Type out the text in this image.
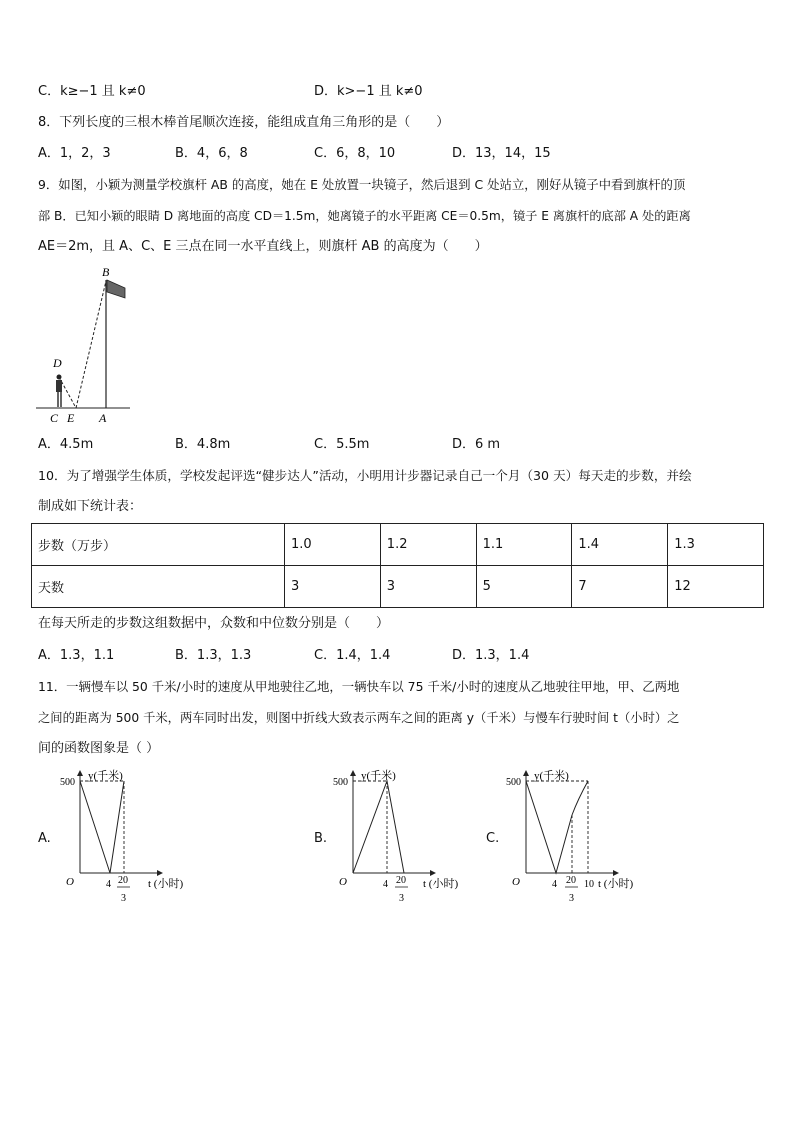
C．k≥−1 且 k≠0	D．k>−1 且 k≠0
8．下列长度的三根木棒首尾顺次连接，能组成直角三角形的是（　　）
A．1，2，3	B．4，6，8	C．6，8，10	D．13，14，15
9．如图，小颖为测量学校旗杆 AB 的高度，她在 E 处放置一块镜子，然后退到 C 处站立，刚好从镜子中看到旗杆的顶
部 B．已知小颖的眼睛 D 离地面的高度 CD＝1.5m，她离镜子的水平距离 CE＝0.5m，镜子 E 离旗杆的底部 A 处的距离
AE＝2m，且 A、C、E 三点在同一水平直线上，则旗杆 AB 的高度为（　　）
B
D
C E A
A．4.5m	B．4.8m	C．5.5m	D．6 m
10．为了增强学生体质，学校发起评选“健步达人”活动，小明用计步器记录自己一个月（30 天）每天走的步数，并绘
制成如下统计表：
步数（万步）	1.0	1.2	1.1	1.4	1.3
天数	3	3	5	7	12
在每天所走的步数这组数据中，众数和中位数分别是（　　）
A．1.3，1.1	B．1.3，1.3	C．1.4，1.4	D．1.3，1.4
11．一辆慢车以 50 千米/小时的速度从甲地驶往乙地，一辆快车以 75 千米/小时的速度从乙地驶往甲地，甲、乙两地
之间的距离为 500 千米，两车同时出发，则图中折线大致表示两车之间的距离 y（千米）与慢车行驶时间 t（小时）之
间的函数图象是（ ）
A.
y(千米)
500
O	4 20
3
t (小时)
B.
y(千米)
500
O	4 20
3
t (小时)
C.
y(千米)
500
O	4 20
3
10 t (小时)
